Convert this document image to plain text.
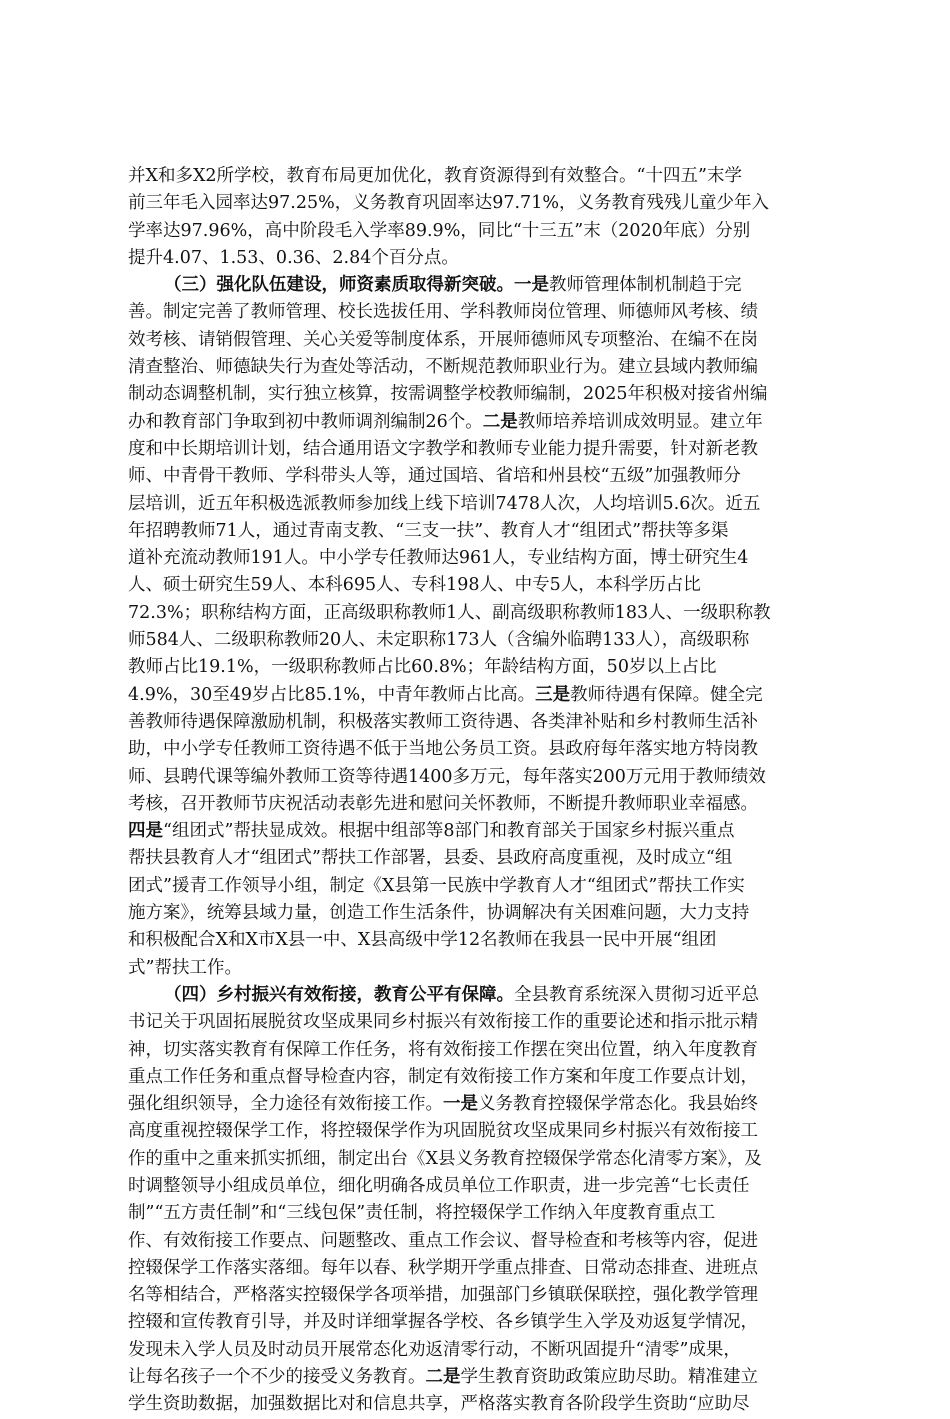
并X和多X2所学校，教育布局更加优化，教育资源得到有效整合。“十四五”末学
前三年毛入园率达97.25%，义务教育巩固率达97.71%，义务教育残残儿童少年入
学率达97.96%，高中阶段毛入学率89.9%，同比“十三五”末（2020年底）分别
提升4.07、1.53、0.36、2.84个百分点。
（三）强化队伍建设，师资素质取得新突破。一是教师管理体制机制趋于完
善。制定完善了教师管理、校长选拔任用、学科教师岗位管理、师德师风考核、绩
效考核、请销假管理、关心关爱等制度体系，开展师德师风专项整治、在编不在岗
清查整治、师德缺失行为查处等活动，不断规范教师职业行为。建立县域内教师编
制动态调整机制，实行独立核算，按需调整学校教师编制，2025年积极对接省州编
办和教育部门争取到初中教师调剂编制26个。二是教师培养培训成效明显。建立年
度和中长期培训计划，结合通用语文字教学和教师专业能力提升需要，针对新老教
师、中青骨干教师、学科带头人等，通过国培、省培和州县校“五级”加强教师分
层培训，近五年积极选派教师参加线上线下培训7478人次，人均培训5.6次。近五
年招聘教师71人，通过青南支教、“三支一扶”、教育人才“组团式”帮扶等多渠
道补充流动教师191人。中小学专任教师达961人，专业结构方面，博士研究生4
人、硕士研究生59人、本科695人、专科198人、中专5人，本科学历占比
72.3%；职称结构方面，正高级职称教师1人、副高级职称教师183人、一级职称教
师584人、二级职称教师20人、未定职称173人（含编外临聘133人），高级职称
教师占比19.1%，一级职称教师占比60.8%；年龄结构方面，50岁以上占比
4.9%，30至49岁占比85.1%，中青年教师占比高。三是教师待遇有保障。健全完
善教师待遇保障激励机制，积极落实教师工资待遇、各类津补贴和乡村教师生活补
助，中小学专任教师工资待遇不低于当地公务员工资。县政府每年落实地方特岗教
师、县聘代课等编外教师工资等待遇1400多万元，每年落实200万元用于教师绩效
考核，召开教师节庆祝活动表彰先进和慰问关怀教师，不断提升教师职业幸福感。
四是“组团式”帮扶显成效。根据中组部等8部门和教育部关于国家乡村振兴重点
帮扶县教育人才“组团式”帮扶工作部署，县委、县政府高度重视，及时成立“组
团式”援青工作领导小组，制定《X县第一民族中学教育人才“组团式”帮扶工作实
施方案》，统筹县域力量，创造工作生活条件，协调解决有关困难问题，大力支持
和积极配合X和X市X县一中、X县高级中学12名教师在我县一民中开展“组团
式”帮扶工作。
（四）乡村振兴有效衔接，教育公平有保障。全县教育系统深入贯彻习近平总
书记关于巩固拓展脱贫攻坚成果同乡村振兴有效衔接工作的重要论述和指示批示精
神，切实落实教育有保障工作任务，将有效衔接工作摆在突出位置，纳入年度教育
重点工作任务和重点督导检查内容，制定有效衔接工作方案和年度工作要点计划，
强化组织领导，全力途径有效衔接工作。一是义务教育控辍保学常态化。我县始终
高度重视控辍保学工作，将控辍保学作为巩固脱贫攻坚成果同乡村振兴有效衔接工
作的重中之重来抓实抓细，制定出台《X县义务教育控辍保学常态化清零方案》，及
时调整领导小组成员单位，细化明确各成员单位工作职责，进一步完善“七长责任
制”“五方责任制”和“三线包保”责任制，将控辍保学工作纳入年度教育重点工
作、有效衔接工作要点、问题整改、重点工作会议、督导检查和考核等内容，促进
控辍保学工作落实落细。每年以春、秋学期开学重点排查、日常动态排查、进班点
名等相结合，严格落实控辍保学各项举措，加强部门乡镇联保联控，强化教学管理
控辍和宣传教育引导，并及时详细掌握各学校、各乡镇学生入学及劝返复学情况，
发现未入学人员及时动员开展常态化劝返清零行动，不断巩固提升“清零”成果，
让每名孩子一个不少的接受义务教育。二是学生教育资助政策应助尽助。精准建立
学生资助数据，加强数据比对和信息共享，严格落实教育各阶段学生资助“应助尽
